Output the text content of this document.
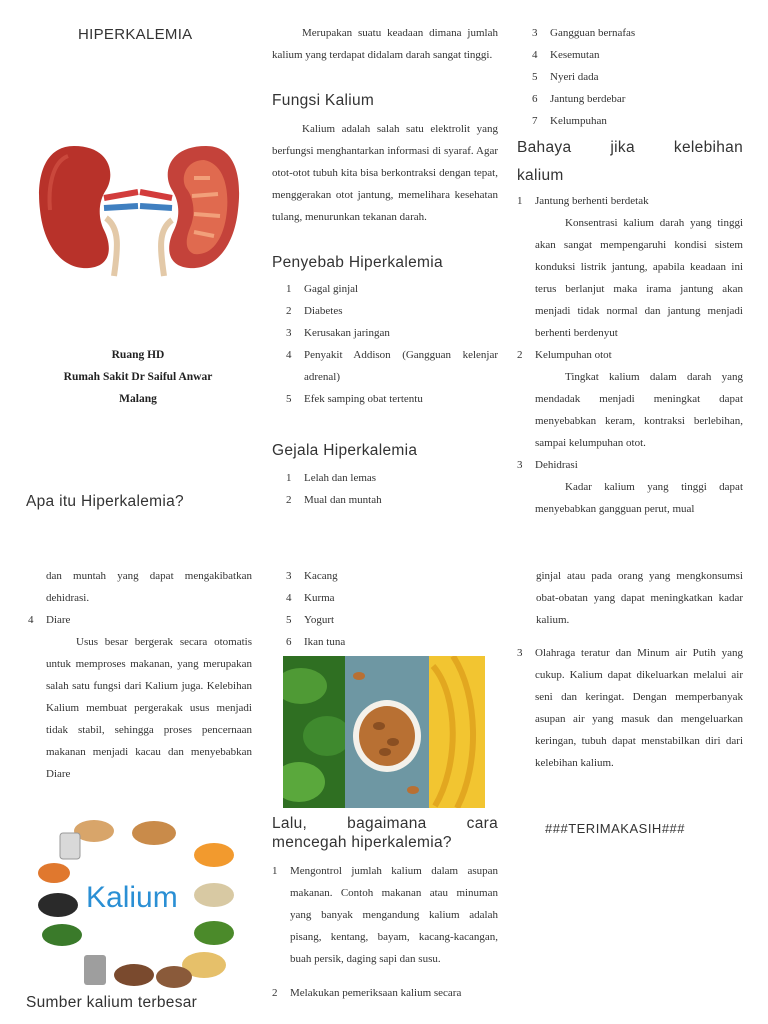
HIPERKALEMIA
Ruang HD
Rumah Sakit Dr Saiful Anwar
Malang
Apa itu Hiperkalemia?
Merupakan suatu keadaan dimana jumlah kalium yang terdapat didalam darah sangat tinggi.
Fungsi Kalium
Kalium adalah salah satu elektrolit yang berfungsi menghantarkan informasi di syaraf. Agar otot-otot tubuh kita bisa berkontraksi dengan tepat, menggerakan otot jantung, memelihara kesehatan tulang, menurunkan tekanan darah.
Penyebab Hiperkalemia
1	Gagal ginjal
2	Diabetes
3	Kerusakan jaringan
4	Penyakit Addison (Gangguan kelenjar adrenal)
5	Efek samping obat tertentu
Gejala Hiperkalemia
1	Lelah dan lemas
2	Mual dan muntah
3	Gangguan bernafas
4	Kesemutan
5	Nyeri dada
6	Jantung berdebar
7	Kelumpuhan
Bahaya jika kelebihan kalium
1	Jantung berhenti berdetak
Konsentrasi kalium darah yang tinggi akan sangat mempengaruhi kondisi sistem konduksi listrik jantung, apabila keadaan ini terus berlanjut maka irama jantung akan menjadi tidak normal dan jantung menjadi berhenti berdenyut
2	Kelumpuhan otot
Tingkat kalium dalam darah yang mendadak menjadi meningkat dapat menyebabkan keram, kontraksi berlebihan, sampai kelumpuhan otot.
3	Dehidrasi
Kadar kalium yang tinggi dapat menyebabkan gangguan perut, mual
dan muntah yang dapat mengakibatkan dehidrasi.
4	Diare
Usus besar bergerak secara otomatis untuk memproses makanan, yang merupakan salah satu fungsi dari Kalium juga. Kelebihan Kalium membuat pergerakak usus menjadi tidak stabil, sehingga proses pencernaan makanan menjadi kacau dan menyebabkan Diare
Kalium
Sumber kalium terbesar
3	Kacang
4	Kurma
5	Yogurt
6	Ikan tuna
Lalu, bagaimana cara mencegah hiperkalemia?
1	Mengontrol jumlah kalium dalam asupan makanan. Contoh makanan atau minuman yang banyak mengandung kalium adalah pisang, kentang, bayam, kacang-kacangan, buah persik, daging sapi dan susu.
2	Melakukan pemeriksaan kalium secara
ginjal atau pada orang yang mengkonsumsi obat-obatan yang dapat meningkatkan kadar kalium.
3	Olahraga teratur dan Minum air Putih yang cukup. Kalium dapat dikeluarkan melalui air seni dan keringat. Dengan memperbanyak asupan air yang masuk dan mengeluarkan keringan, tubuh dapat menstabilkan diri dari kelebihan kalium.
###TERIMAKASIH###
